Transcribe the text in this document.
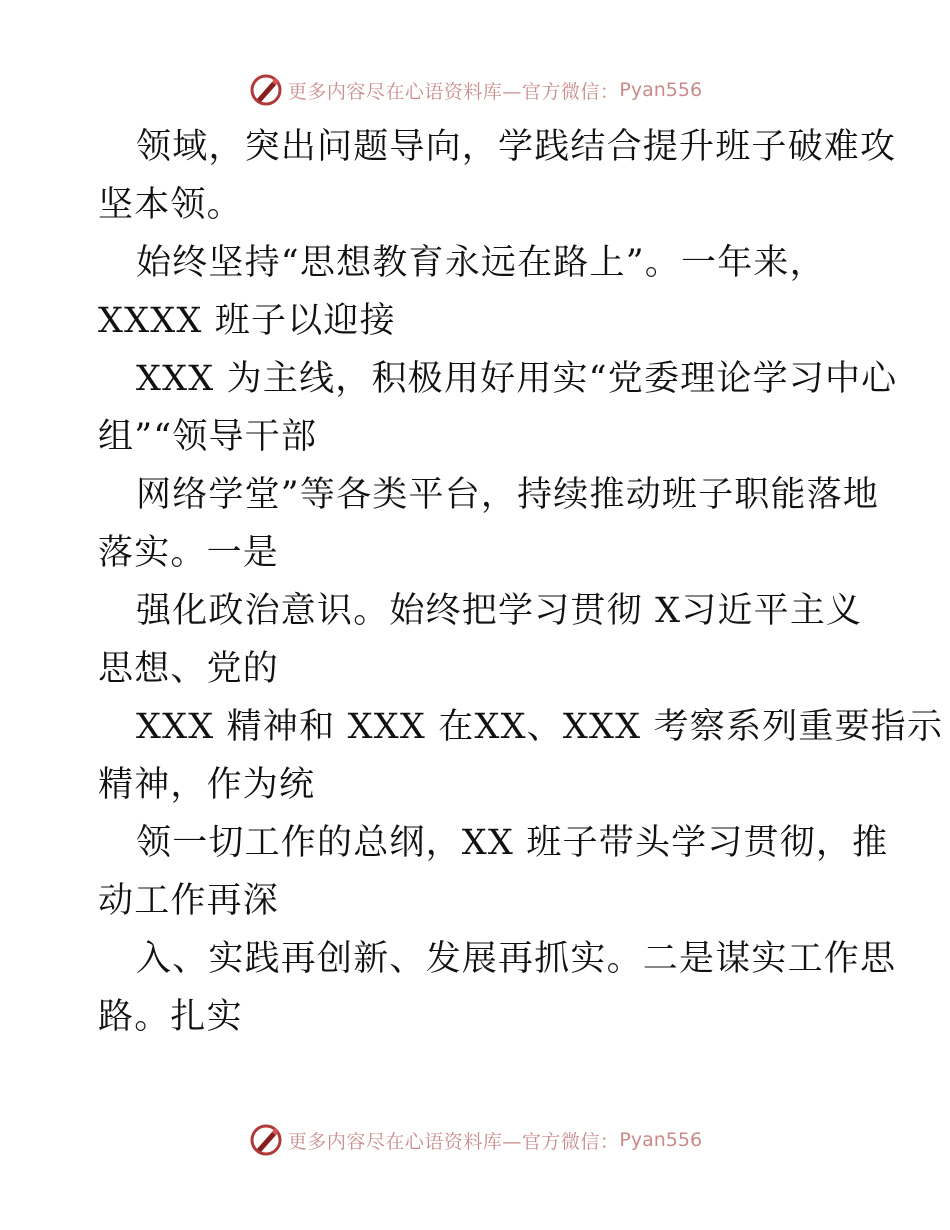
更多内容尽在心语资料库—官方微信： Pyan556
领域，突出问题导向，学践结合提升班子破难攻
坚本领。
始终坚持“思想教育永远在路上”。一年来，
XXXX 班子以迎接
XXX 为主线，积极用好用实“党委理论学习中心
组”“领导干部
网络学堂”等各类平台，持续推动班子职能落地
落实。一是
强化政治意识。始终把学习贯彻 X习近平主义
思想、党的
XXX 精神和 XXX 在XX、XXX 考察系列重要指示
精神，作为统
领一切工作的总纲，XX 班子带头学习贯彻，推
动工作再深
入、实践再创新、发展再抓实。二是谋实工作思
路。扎实
更多内容尽在心语资料库—官方微信： Pyan556
